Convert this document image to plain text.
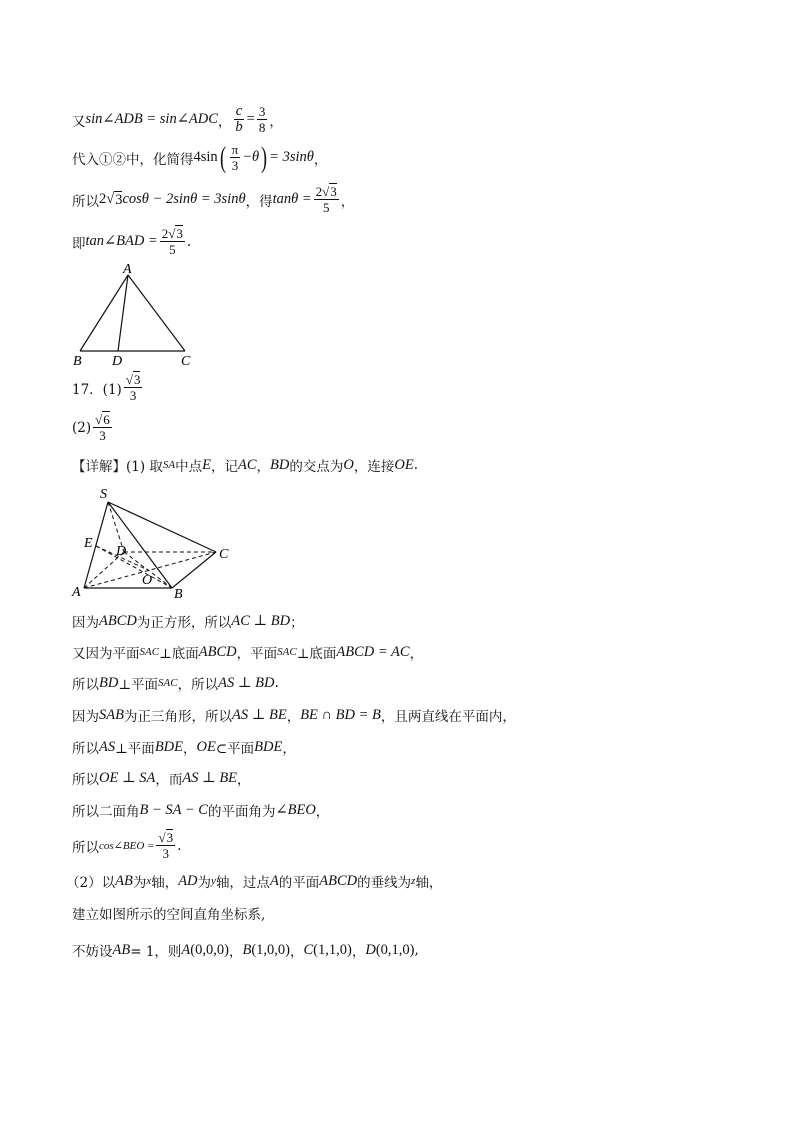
又 sin∠ADB = sin∠ADC ， $\frac{c}{b} = \frac{3}{8}$ ，
代入①②中，化简得 4sin ( $\frac{\pi}{3} -\theta$ ) = 3sinθ ，
所以 2 √ 3 cosθ − 2sinθ = 3sinθ ，得 $\tan\theta = \frac{2√3}{5}$ ，
即 tan∠BAD = $\frac{2√3}{5}$ .
A
B D	C
17．$(1) \frac{√3}{3}$
$(2) \frac{√6}{3}$
【详解】(1) 取 SA 中点 E ，记 AC ， BD 的交点为 O ，连接 OE .
S
E
D	C
O
A	B
因为 ABCD 为正方形，所以 AC ⊥ BD ；
又因为平面 SAC ⊥底面 ABCD ，平面 SAC ⊥底面 ABCD = AC ，
所以 BD ⊥平面 SAC ，所以 AS ⊥ BD .
因为 SAB 为正三角形，所以 AS ⊥ BE ， BE ∩ BD = B ，且两直线在平面内，
所以 AS ⊥平面 BDE ， OE ⊂平面 BDE ，
所以 OE ⊥ SA ，而 AS ⊥ BE ，
所以二面角 B − SA − C 的平面角为 ∠BEO ，
所以 cos∠BEO = $\frac{√3}{3}$ .
（2）以 AB 为 x 轴， AD 为 y 轴，过点 A 的平面 ABCD 的垂线为 z 轴，
建立如图所示的空间直角坐标系,
不妨设 AB = 1，则 A (0,0,0) ， B (1,0,0) ， C (1,1,0) ， D (0,1,0) ,
